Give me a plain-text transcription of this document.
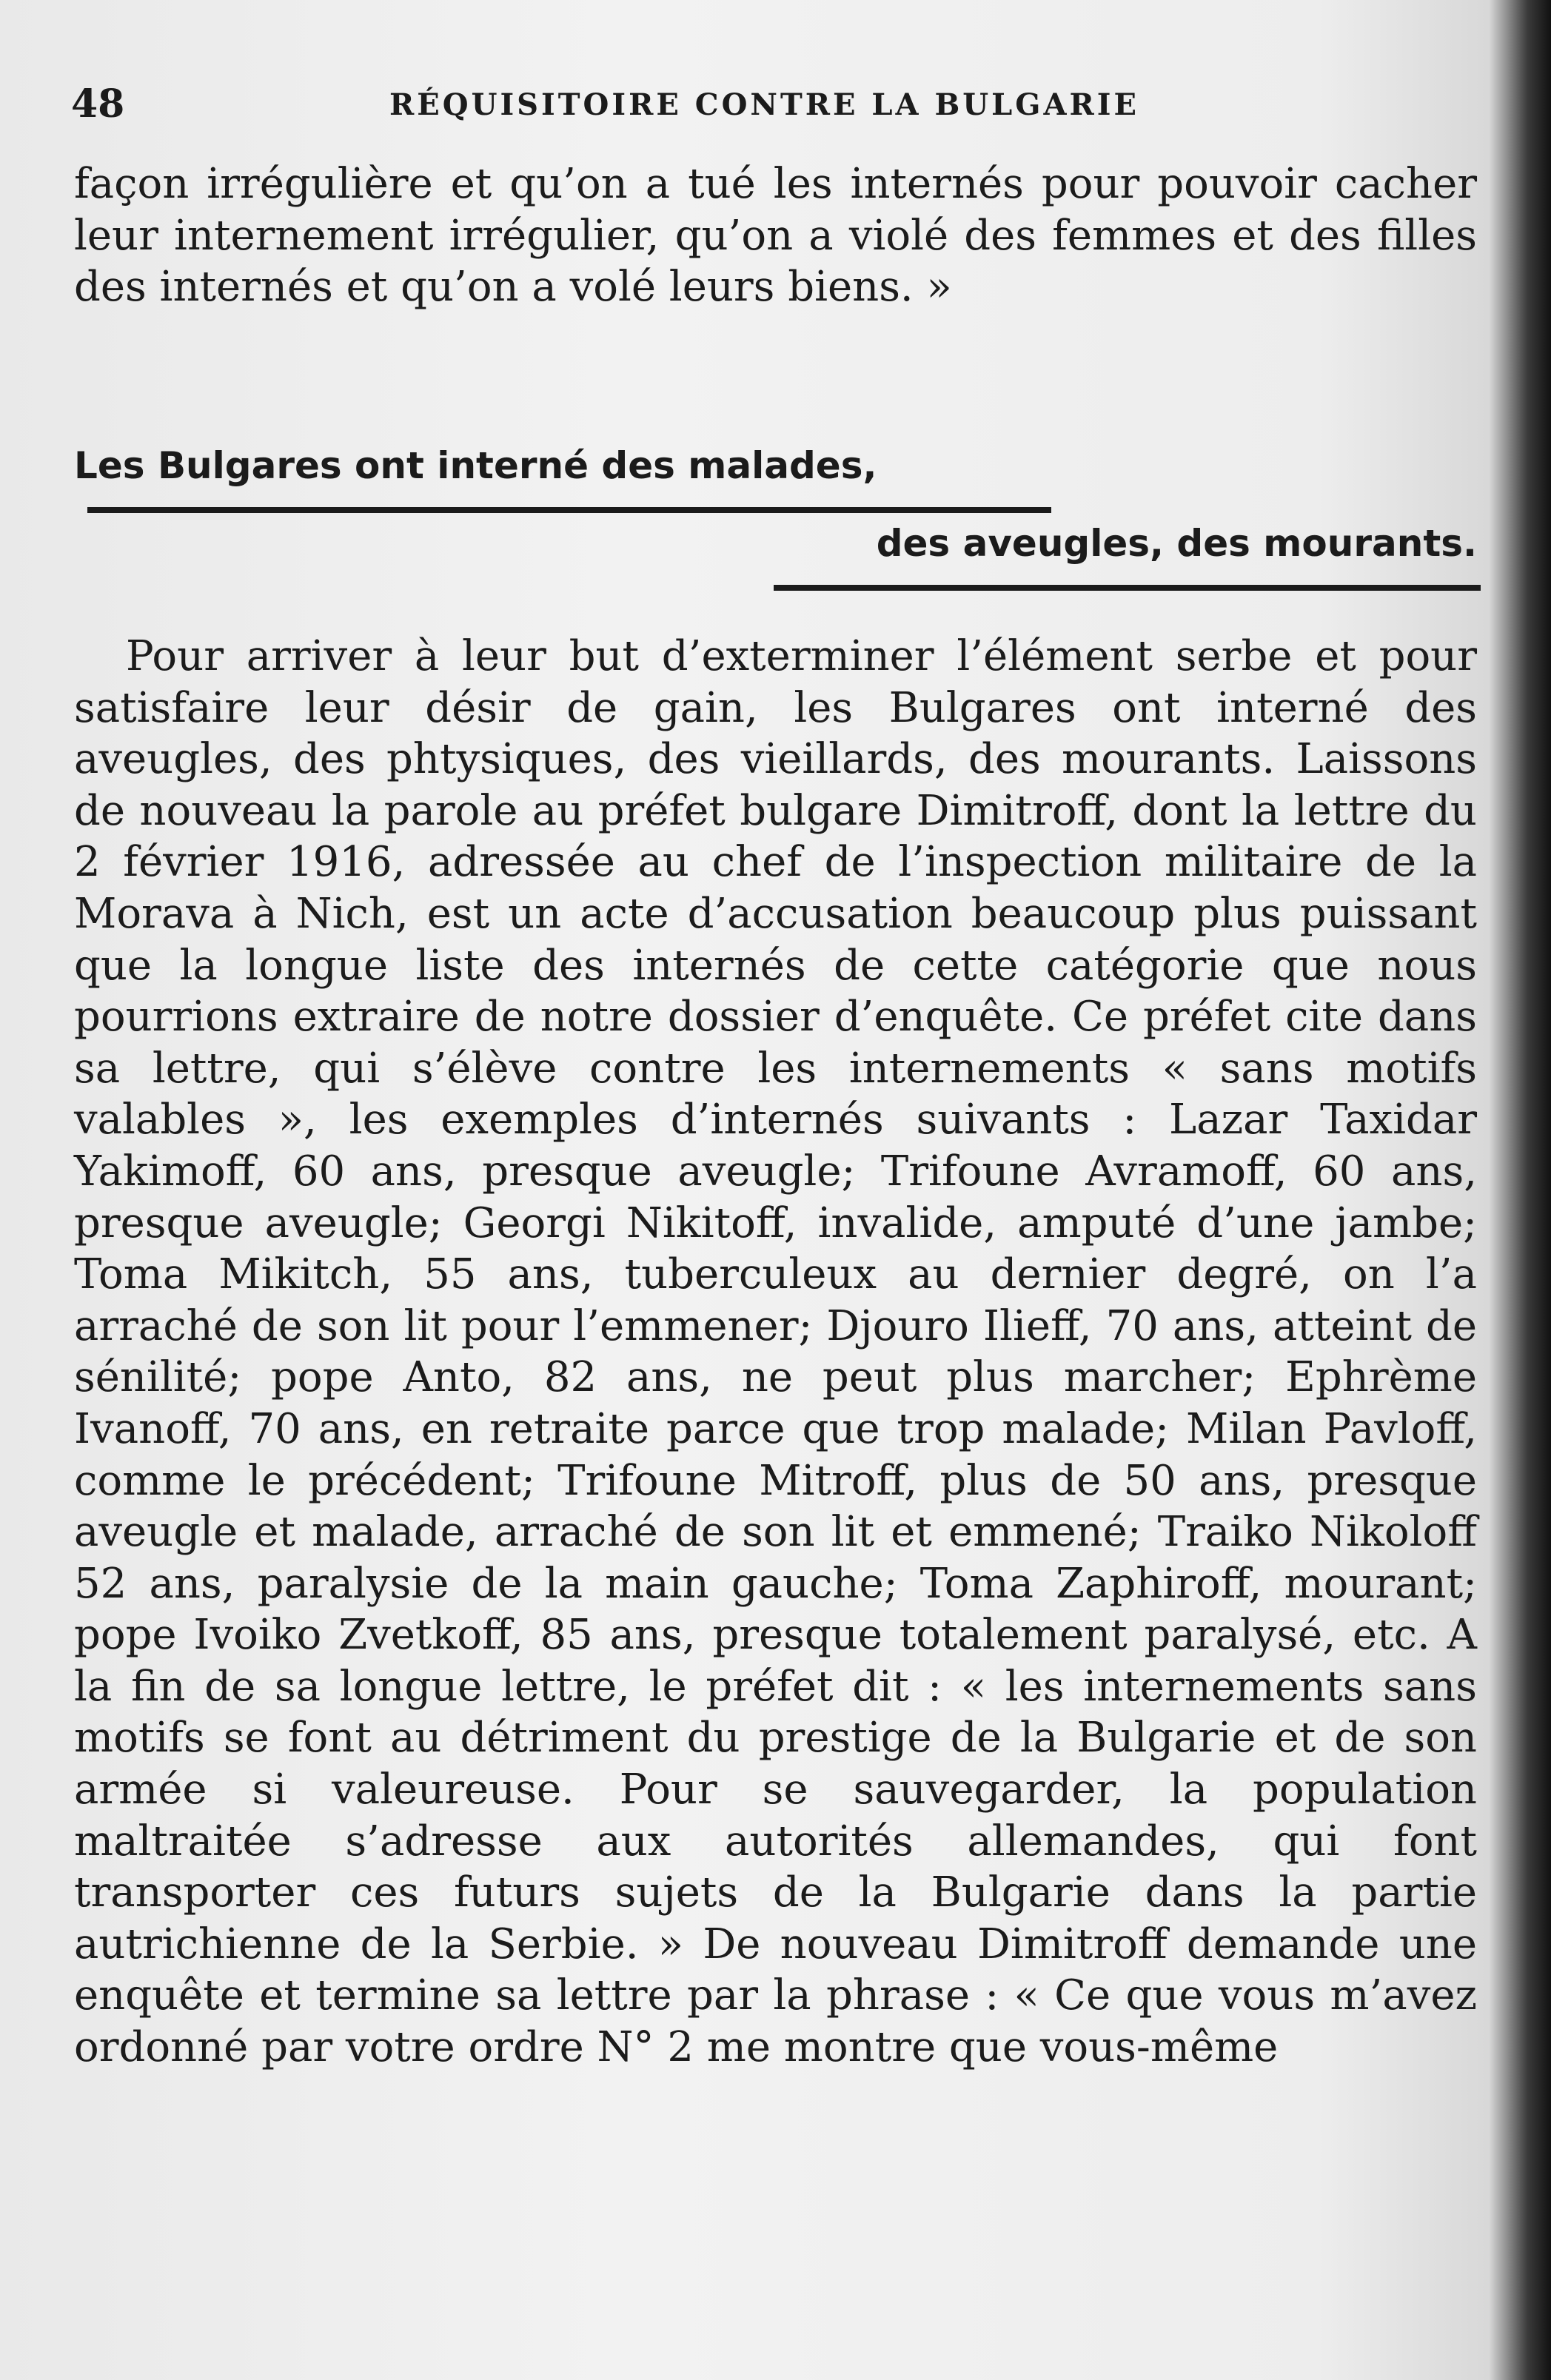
48	RÉQUISITOIRE CONTRE LA BULGARIE

façon irrégulière et qu’on a tué les internés pour pouvoir cacher leur internement irrégulier, qu’on a violé des femmes et des filles des internés et qu’on a volé leurs biens. »

Les Bulgares ont interné des malades,
des aveugles, des mourants.

Pour arriver à leur but d’exterminer l’élément serbe et pour satisfaire leur désir de gain, les Bulgares ont interné des aveugles, des phtysiques, des vieillards, des mourants. Laissons de nouveau la parole au préfet bulgare Dimitroff, dont la lettre du 2 février 1916, adressée au chef de l’inspection militaire de la Morava à Nich, est un acte d’accusation beaucoup plus puissant que la longue liste des internés de cette catégorie que nous pourrions extraire de notre dossier d’enquête. Ce préfet cite dans sa lettre, qui s’élève contre les internements « sans motifs valables », les exemples d’internés suivants : Lazar Taxidar Yakimoff, 60 ans, presque aveugle; Trifoune Avramoff, 60 ans, presque aveugle; Georgi Nikitoff, invalide, amputé d’une jambe; Toma Mikitch, 55 ans, tuberculeux au dernier degré, on l’a arraché de son lit pour l’emmener; Djouro Ilieff, 70 ans, atteint de sénilité; pope Anto, 82 ans, ne peut plus marcher; Ephrème Ivanoff, 70 ans, en retraite parce que trop malade; Milan Pavloff, comme le précédent; Trifoune Mitroff, plus de 50 ans, presque aveugle et malade, arraché de son lit et emmené; Traiko Nikoloff 52 ans, paralysie de la main gauche; Toma Zaphiroff, mourant; pope Ivoiko Zvetkoff, 85 ans, presque totalement paralysé, etc. A la fin de sa longue lettre, le préfet dit : « les internements sans motifs se font au détriment du prestige de la Bulgarie et de son armée si valeureuse. Pour se sauvegarder, la population maltraitée s’adresse aux autorités allemandes, qui font transporter ces futurs sujets de la Bulgarie dans la partie autrichienne de la Serbie. » De nouveau Dimitroff demande une enquête et termine sa lettre par la phrase : « Ce que vous m’avez ordonné par votre ordre N° 2 me montre que vous-même
